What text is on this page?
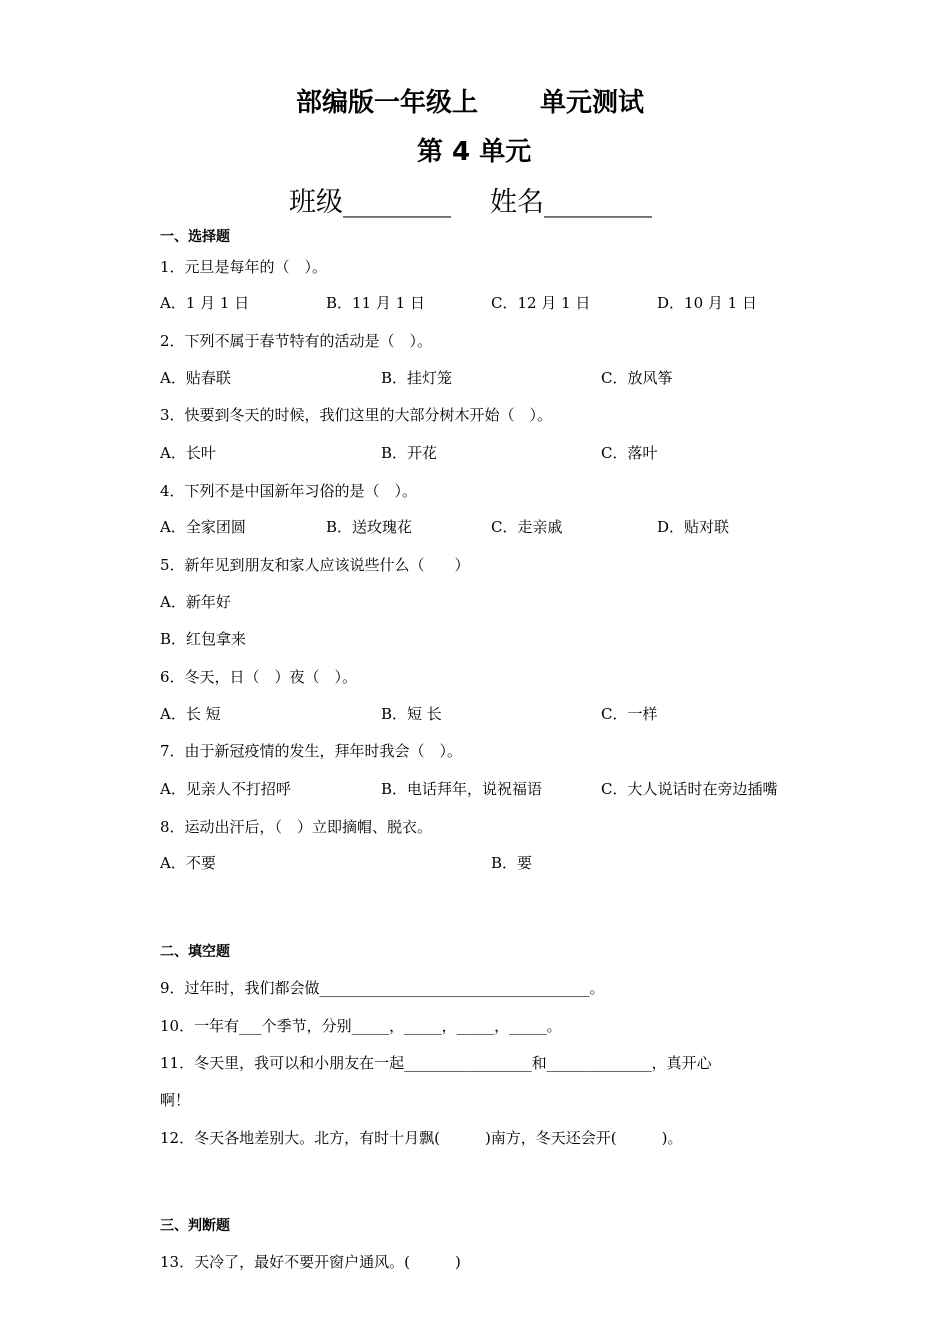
部编版一年级上 单元测试
第 4 单元
班级________ 姓名________
一、选择题
1．元旦是每年的（　）。
A．1 月 1 日	B．11 月 1 日	C．12 月 1 日	D．10 月 1 日
2．下列不属于春节特有的活动是（　）。
A．贴春联	B．挂灯笼	C．放风筝
3．快要到冬天的时候，我们这里的大部分树木开始（　）。
A．长叶	B．开花	C．落叶
4．下列不是中国新年习俗的是（　）。
A．全家团圆	B．送玫瑰花	C．走亲戚	D．贴对联
5．新年见到朋友和家人应该说些什么（　　）
A．新年好
B．红包拿来
6．冬天，日（　）夜（　）。
A．长 短	B．短 长	C．一样
7．由于新冠疫情的发生，拜年时我会（　）。
A．见亲人不打招呼	B．电话拜年，说祝福语	C．大人说话时在旁边插嘴
8．运动出汗后，（　）立即摘帽、脱衣。
A．不要	B．要
二、填空题
9．过年时，我们都会做____________________________________。
10．一年有___个季节，分别_____，_____，_____，_____。
11．冬天里，我可以和小朋友在一起_________________和______________，真开心
啊！
12．冬天各地差别大。北方，有时十月飘(　　　)南方，冬天还会开(　　　)。
三、判断题
13．天冷了，最好不要开窗户通风。(　　　)
